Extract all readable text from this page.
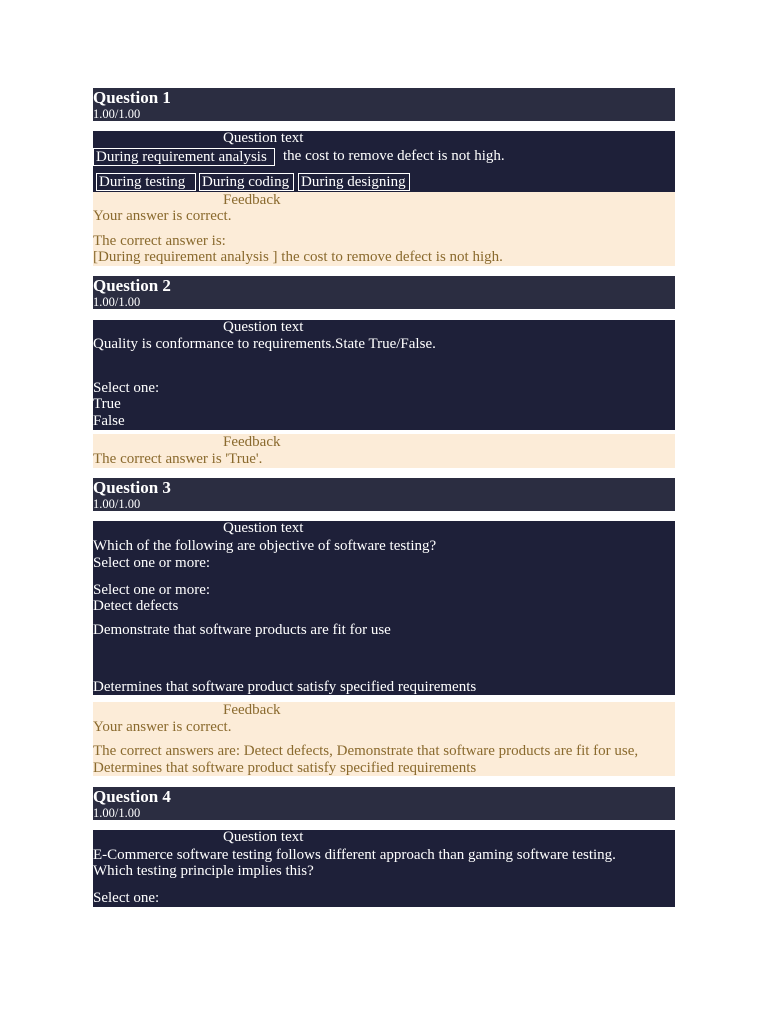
Question 1
1.00/1.00
Question text
During requirement analysis	the cost to remove defect is not high.
During testing	During coding During designing
Feedback
Your answer is correct.
The correct answer is:
[During requirement analysis ] the cost to remove defect is not high.
Question 2
1.00/1.00
Question text
Quality is conformance to requirements.State True/False.
Select one:
True
False
Feedback
The correct answer is 'True'.
Question 3
1.00/1.00
Question text
Which of the following are objective of software testing?
Select one or more:
Select one or more:
Detect defects
Demonstrate that software products are fit for use
Determines that software product satisfy specified requirements
Feedback
Your answer is correct.
The correct answers are: Detect defects, Demonstrate that software products are fit for use,
Determines that software product satisfy specified requirements
Question 4
1.00/1.00
Question text
E-Commerce software testing follows different approach than gaming software testing.
Which testing principle implies this?
Select one:
